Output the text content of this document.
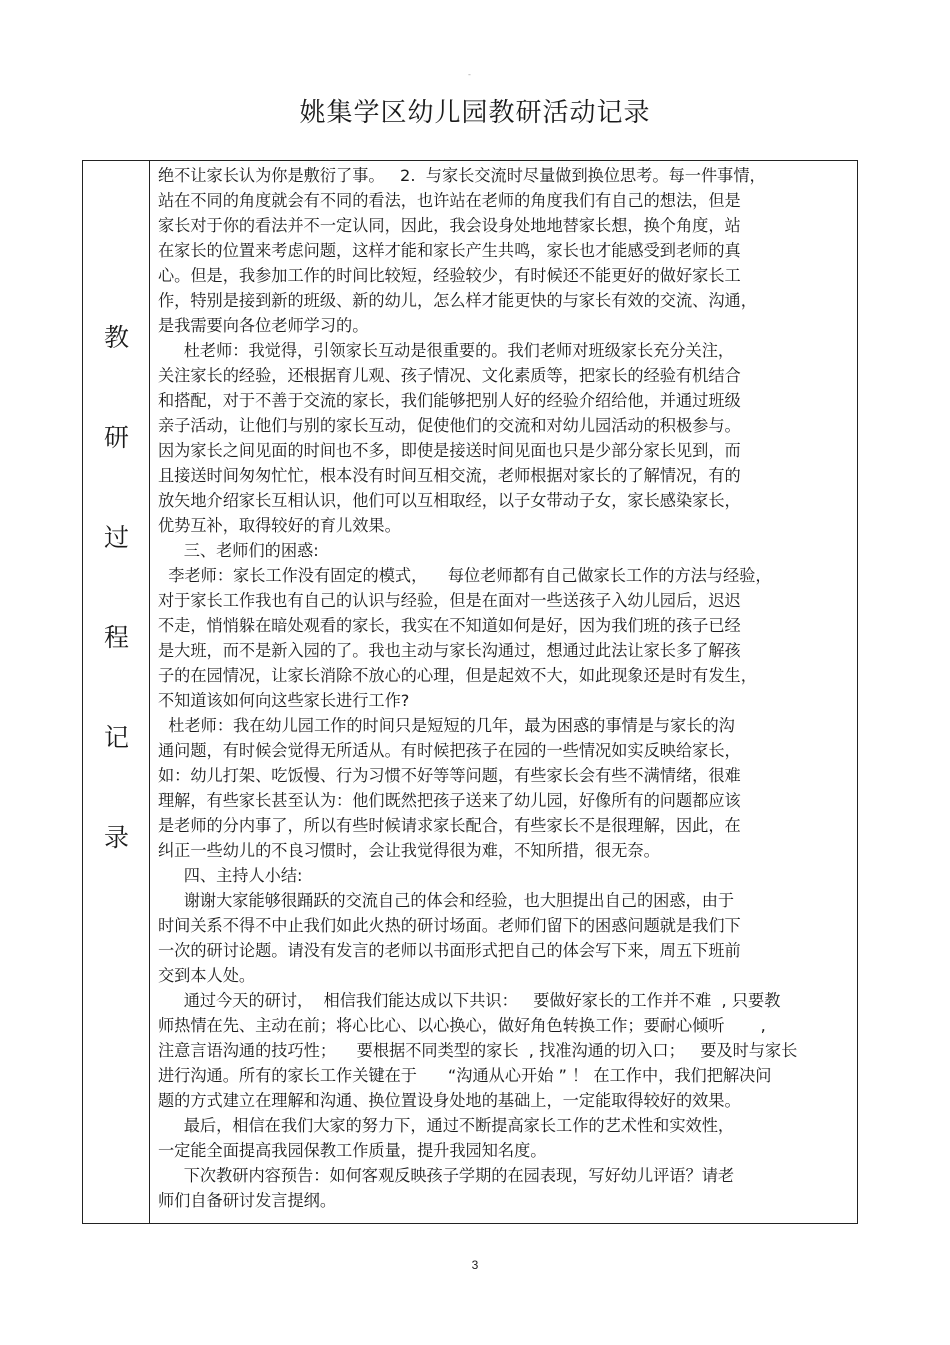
-
姚集学区幼儿园教研活动记录
教
研
过
程
记
录
绝不让家长认为你是敷衍了事。   2.  与家长交流时尽量做到换位思考。每一件事情，
站在不同的角度就会有不同的看法，也许站在老师的角度我们有自己的想法，但是
家长对于你的看法并不一定认同，因此，我会设身处地地替家长想，换个角度，站
在家长的位置来考虑问题，这样才能和家长产生共鸣，家长也才能感受到老师的真
心。但是，我参加工作的时间比较短，经验较少，有时候还不能更好的做好家长工
作，特别是接到新的班级、新的幼儿，怎么样才能更快的与家长有效的交流、沟通，
是我需要向各位老师学习的。
杜老师：我觉得，引领家长互动是很重要的。我们老师对班级家长充分关注，
关注家长的经验，还根据育儿观、孩子情况、文化素质等，把家长的经验有机结合
和搭配，对于不善于交流的家长，我们能够把别人好的经验介绍给他，并通过班级
亲子活动，让他们与别的家长互动，促使他们的交流和对幼儿园活动的积极参与。
因为家长之间见面的时间也不多，即使是接送时间见面也只是少部分家长见到，而
且接送时间匆匆忙忙，根本没有时间互相交流，老师根据对家长的了解情况，有的
放矢地介绍家长互相认识，他们可以互相取经，以子女带动子女，家长感染家长，
优势互补，取得较好的育儿效果。
三、老师们的困惑:
李老师：家长工作没有固定的模式，    每位老师都有自己做家长工作的方法与经验，
对于家长工作我也有自己的认识与经验，但是在面对一些送孩子入幼儿园后，迟迟
不走，悄悄躲在暗处观看的家长，我实在不知道如何是好，因为我们班的孩子已经
是大班，而不是新入园的了。我也主动与家长沟通过，想通过此法让家长多了解孩
子的在园情况，让家长消除不放心的心理，但是起效不大，如此现象还是时有发生，
不知道该如何向这些家长进行工作?
杜老师：我在幼儿园工作的时间只是短短的几年，最为困惑的事情是与家长的沟
通问题，有时候会觉得无所适从。有时候把孩子在园的一些情况如实反映给家长，
如：幼儿打架、吃饭慢、行为习惯不好等等问题，有些家长会有些不满情绪，很难
理解，有些家长甚至认为：他们既然把孩子送来了幼儿园，好像所有的问题都应该
是老师的分内事了，所以有些时候请求家长配合，有些家长不是很理解，因此，在
纠正一些幼儿的不良习惯时，会让我觉得很为难，不知所措，很无奈。
四、主持人小结:
谢谢大家能够很踊跃的交流自己的体会和经验，也大胆提出自己的困惑，由于
时间关系不得不中止我们如此火热的研讨场面。老师们留下的困惑问题就是我们下
一次的研讨论题。请没有发言的老师以书面形式把自己的体会写下来，周五下班前
交到本人处。
通过今天的研讨，  相信我们能达成以下共识：   要做好家长的工作并不难  , 只要教
师热情在先、主动在前；将心比心、以心换心，做好角色转换工作；要耐心倾听       ,
注意言语沟通的技巧性；    要根据不同类型的家长  , 找准沟通的切入口；   要及时与家长
进行沟通。所有的家长工作关键在于      “沟通从心开始 ” ！ 在工作中，我们把解决问
题的方式建立在理解和沟通、换位置设身处地的基础上，一定能取得较好的效果。
最后，相信在我们大家的努力下，通过不断提高家长工作的艺术性和实效性，
一定能全面提高我园保教工作质量，提升我园知名度。
下次教研内容预告：如何客观反映孩子学期的在园表现，写好幼儿评语？请老
师们自备研讨发言提纲。
3
